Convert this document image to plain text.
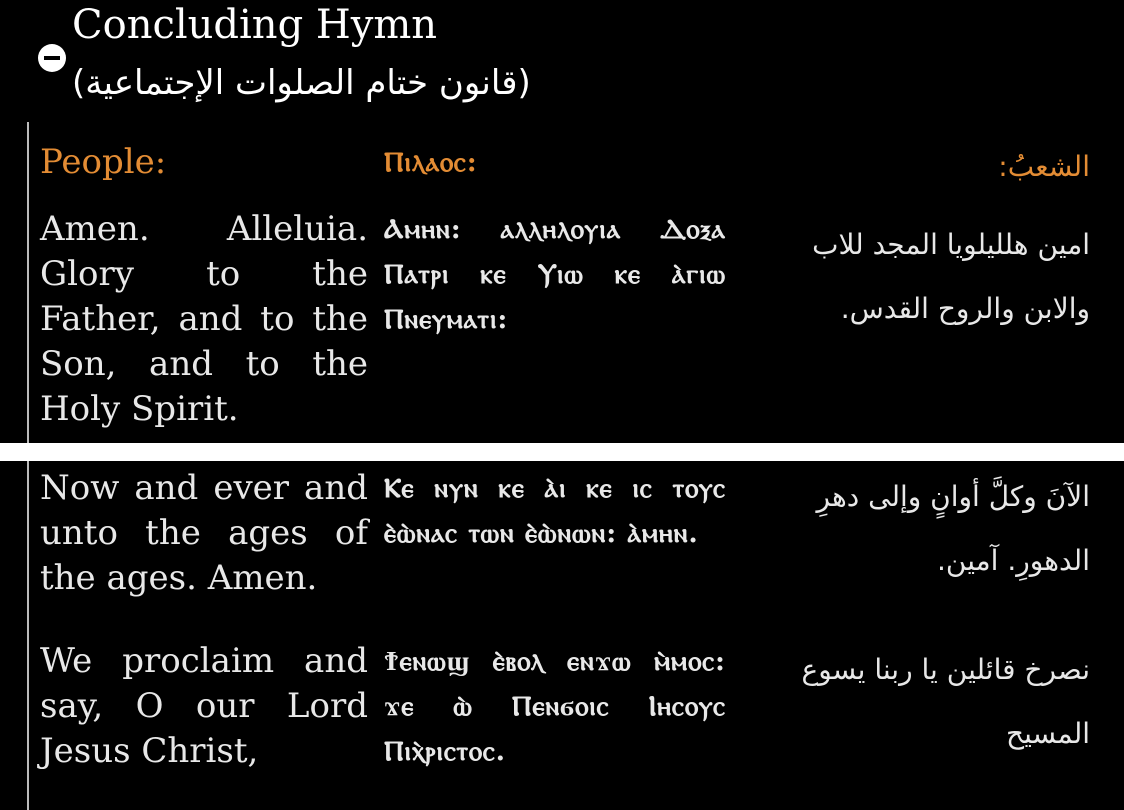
Concluding Hymn
(قانون ختام الصلوات الإجتماعية)
People:	Ⲡⲓⲗⲁⲟⲥ:	الشعبُ:
Amen. Alleluia. Glory to the Father, and to the Son, and to the Holy Spirit.
Ⲁⲙⲏⲛ: ⲁⲗⲗⲏⲗⲟⲩⲓⲁ Ⲇⲟⲝⲁ Ⲡⲁⲧⲣⲓ ⲕⲉ Ⲩⲓⲱ ⲕⲉ ⲁ̀ⲅⲓⲱ Ⲡⲛⲉⲩⲙⲁⲧⲓ:
امين هلليلويا المجد للاب والابن والروح القدس.
Now and ever and unto the ages of the ages. Amen.
Ⲕⲉ ⲛⲩⲛ ⲕⲉ ⲁ̀ⲓ ⲕⲉ ⲓⲥ ⲧⲟⲩⲥ ⲉ̀ⲱ̀ⲛⲁⲥ ⲧⲱⲛ ⲉ̀ⲱ̀ⲛⲱⲛ: ⲁ̀ⲙⲏⲛ.
الآنَ وكلَّ أوانٍ وإلى دهرِ الدهورِ. آمين.
We proclaim and say, O our Lord Jesus Christ,
Ϯⲉⲛⲱϣ ⲉ̀ⲃⲟⲗ ⲉⲛϫⲱ ⲙ̀ⲙⲟⲥ: ϫⲉ ⲱ̀ Ⲡⲉⲛϭⲟⲓⲥ Ⲓⲏⲥⲟⲩⲥ Ⲡⲓⲭ̀ⲣⲓⲥⲧⲟⲥ.
نصرخ قائلين يا ربنا يسوع المسيح
